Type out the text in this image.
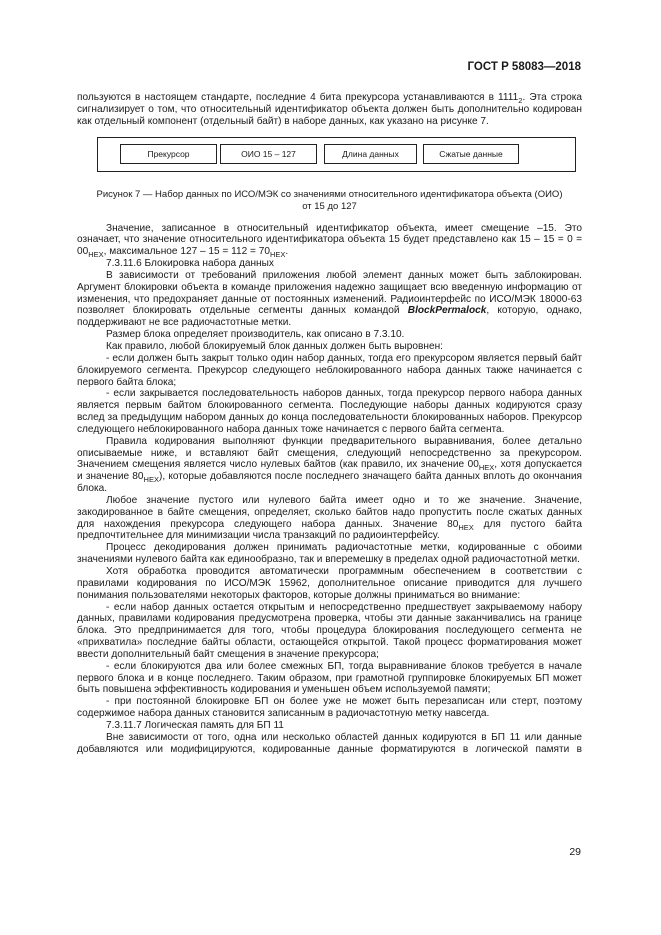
ГОСТ Р 58083—2018

пользуются в настоящем стандарте, последние 4 бита прекурсора устанавливаются в $1111_2$. Эта строка сигнализирует о том, что относительный идентификатор объекта должен быть дополнительно кодирован как отдельный компонент (отдельный байт) в наборе данных, как указано на рисунке 7.

Прекурсор	ОИО 15 – 127	Длина данных	Сжатые данные
Рисунок 7 — Набор данных по ИСО/МЭК со значениями относительного идентификатора объекта (ОИО)
от 15 до 127

Значение, записанное в относительный идентификатор объекта, имеет смещение –15. Это означает, что значение относительного идентификатора объекта 15 будет представлено как $15 - 15 = 0 = 00_{HEX}$, максимальное $127 - 15 = 112 = 70_{HEX}$.

7.3.11.6 Блокировка набора данных

В зависимости от требований приложения любой элемент данных может быть заблокирован. Аргумент блокировки объекта в команде приложения надежно защищает всю введенную информацию от изменения, что предохраняет данные от постоянных изменений. Радиоинтерфейс по ИСО/МЭК 18000-63 позволяет блокировать отдельные сегменты данных командой BlockPermalock, которую, однако, поддерживают не все радиочастотные метки.

Размер блока определяет производитель, как описано в 7.3.10.

Как правило, любой блокируемый блок данных должен быть выровнен:

- если должен быть закрыт только один набор данных, тогда его прекурсором является первый байт блокируемого сегмента. Прекурсор следующего неблокированного набора данных также начинается с первого байта блока;

- если закрывается последовательность наборов данных, тогда прекурсор первого набора данных является первым байтом блокированного сегмента. Последующие наборы данных кодируются сразу вслед за предыдущим набором данных до конца последовательности блокированных наборов. Прекурсор следующего неблокированного набора данных тоже начинается с первого байта сегмента.

Правила кодирования выполняют функции предварительного выравнивания, более детально описываемые ниже, и вставляют байт смещения, следующий непосредственно за прекурсором. Значением смещения является число нулевых байтов (как правило, их значение $00_{HEX}$, хотя допускается и значение $80_{HEX}$), которые добавляются после последнего значащего байта данных вплоть до окончания блока.

Любое значение пустого или нулевого байта имеет одно и то же значение. Значение, закодированное в байте смещения, определяет, сколько байтов надо пропустить после сжатых данных для нахождения прекурсора следующего набора данных. Значение $80_{HEX}$ для пустого байта предпочтительнее для минимизации числа транзакций по радиоинтерфейсу.

Процесс декодирования должен принимать радиочастотные метки, кодированные с обоими значениями нулевого байта как единообразно, так и вперемешку в пределах одной радиочастотной метки.

Хотя обработка проводится автоматически программным обеспечением в соответствии с правилами кодирования по ИСО/МЭК 15962, дополнительное описание приводится для лучшего понимания пользователями некоторых факторов, которые должны приниматься во внимание:

- если набор данных остается открытым и непосредственно предшествует закрываемому набору данных, правилами кодирования предусмотрена проверка, чтобы эти данные заканчивались на границе блока. Это предпринимается для того, чтобы процедура блокирования последующего сегмента не «прихватила» последние байты области, остающейся открытой. Такой процесс форматирования может ввести дополнительный байт смещения в значение прекурсора;

- если блокируются два или более смежных БП, тогда выравнивание блоков требуется в начале первого блока и в конце последнего. Таким образом, при грамотной группировке блокируемых БП может быть повышена эффективность кодирования и уменьшен объем используемой памяти;

- при постоянной блокировке БП он более уже не может быть перезаписан или стерт, поэтому содержимое набора данных становится записанным в радиочастотную метку навсегда.

7.3.11.7 Логическая память для БП 11

Вне зависимости от того, одна или несколько областей данных кодируются в БП 11 или данные добавляются или модифицируются, кодированные данные форматируются в логической памяти в

29
